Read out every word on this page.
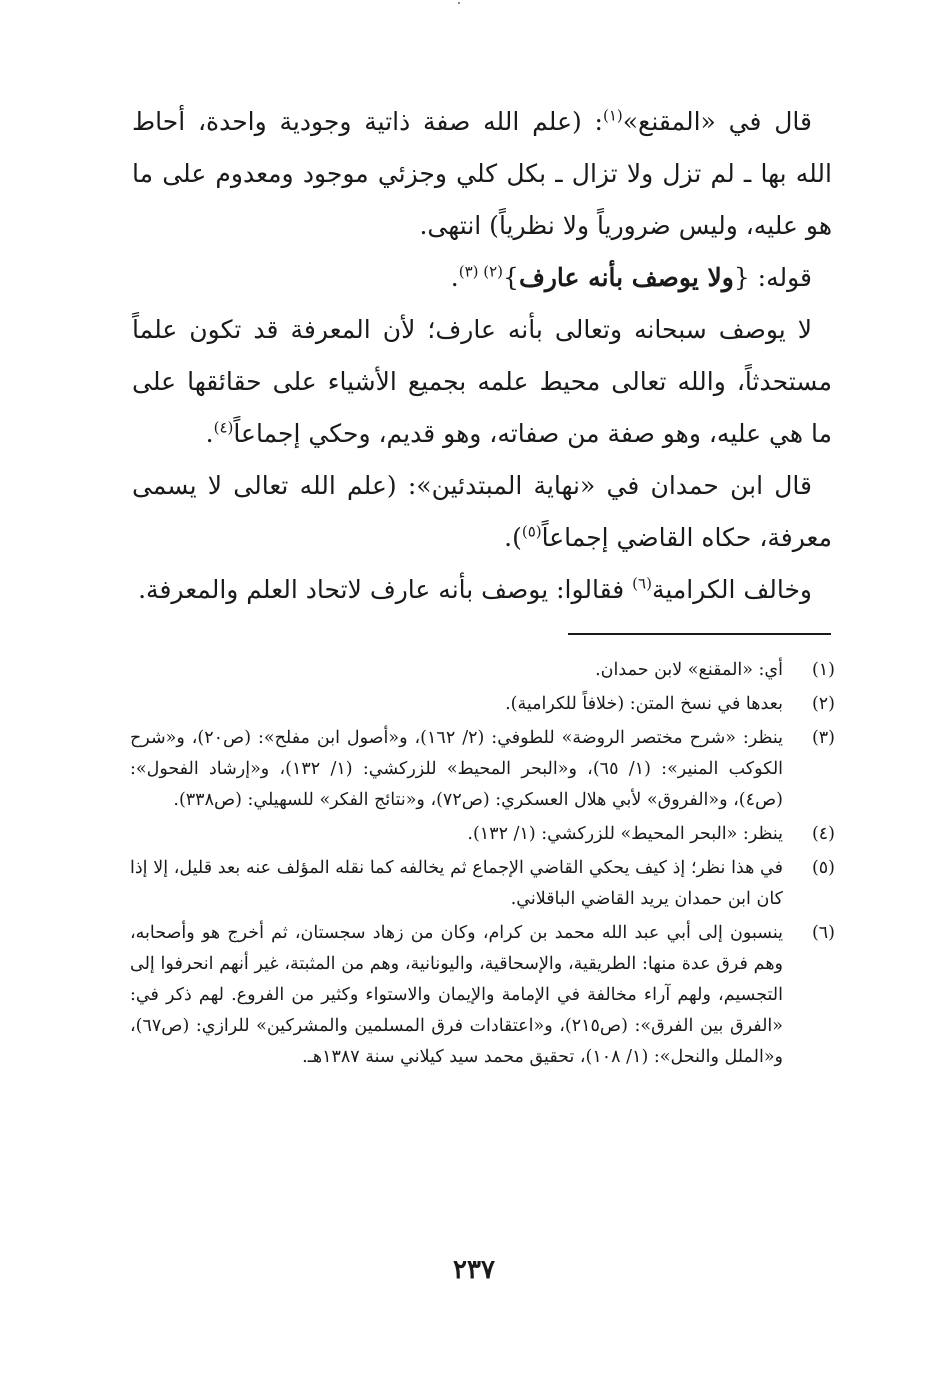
قال في «المقنع»$^{(١)}$: (علم الله صفة ذاتية وجودية واحدة، أحاط الله بها ـ لم تزل ولا تزال ـ بكل كلي وجزئي موجود ومعدوم على ما هو عليه، وليس ضرورياً ولا نظرياً) انتهى.

قوله: {ولا يوصف بأنه عارف}$^{(٢) (٣)}$.

لا يوصف سبحانه وتعالى بأنه عارف؛ لأن المعرفة قد تكون علماً مستحدثاً، والله تعالى محيط علمه بجميع الأشياء على حقائقها على ما هي عليه، وهو صفة من صفاته، وهو قديم، وحكي إجماعاً$^{(٤)}$.

قال ابن حمدان في «نهاية المبتدئين»: (علم الله تعالى لا يسمى معرفة، حكاه القاضي إجماعاً$^{(٥)}$).

وخالف الكرامية$^{(٦)}$ فقالوا: يوصف بأنه عارف لاتحاد العلم والمعرفة.

(١)
أي: «المقنع» لابن حمدان.
(٢)
بعدها في نسخ المتن: (خلافاً للكرامية).
(٣)
ينظر: «شرح مختصر الروضة» للطوفي: (٢/ ١٦٢)، و«أصول ابن مفلح»: (ص٢٠)، و«شرح الكوكب المنير»: (١/ ٦٥)، و«البحر المحيط» للزركشي: (١/ ١٣٢)، و«إرشاد الفحول»: (ص٤)، و«الفروق» لأبي هلال العسكري: (ص٧٢)، و«نتائج الفكر» للسهيلي: (ص٣٣٨).
(٤)
ينظر: «البحر المحيط» للزركشي: (١/ ١٣٢).
(٥)
في هذا نظر؛ إذ كيف يحكي القاضي الإجماع ثم يخالفه كما نقله المؤلف عنه بعد قليل، إلا إذا كان ابن حمدان يريد القاضي الباقلاني.
(٦)
ينسبون إلى أبي عبد الله محمد بن كرام، وكان من زهاد سجستان، ثم أخرج هو وأصحابه، وهم فرق عدة منها: الطريقية، والإسحاقية، واليونانية، وهم من المثبتة، غير أنهم انحرفوا إلى التجسيم، ولهم آراء مخالفة في الإمامة والإيمان والاستواء وكثير من الفروع. لهم ذكر في: «الفرق بين الفرق»: (ص٢١٥)، و«اعتقادات فرق المسلمين والمشركين» للرازي: (ص٦٧)، و«الملل والنحل»: (١/ ١٠٨)، تحقيق محمد سيد كيلاني سنة ١٣٨٧هـ.
٢٣٧
